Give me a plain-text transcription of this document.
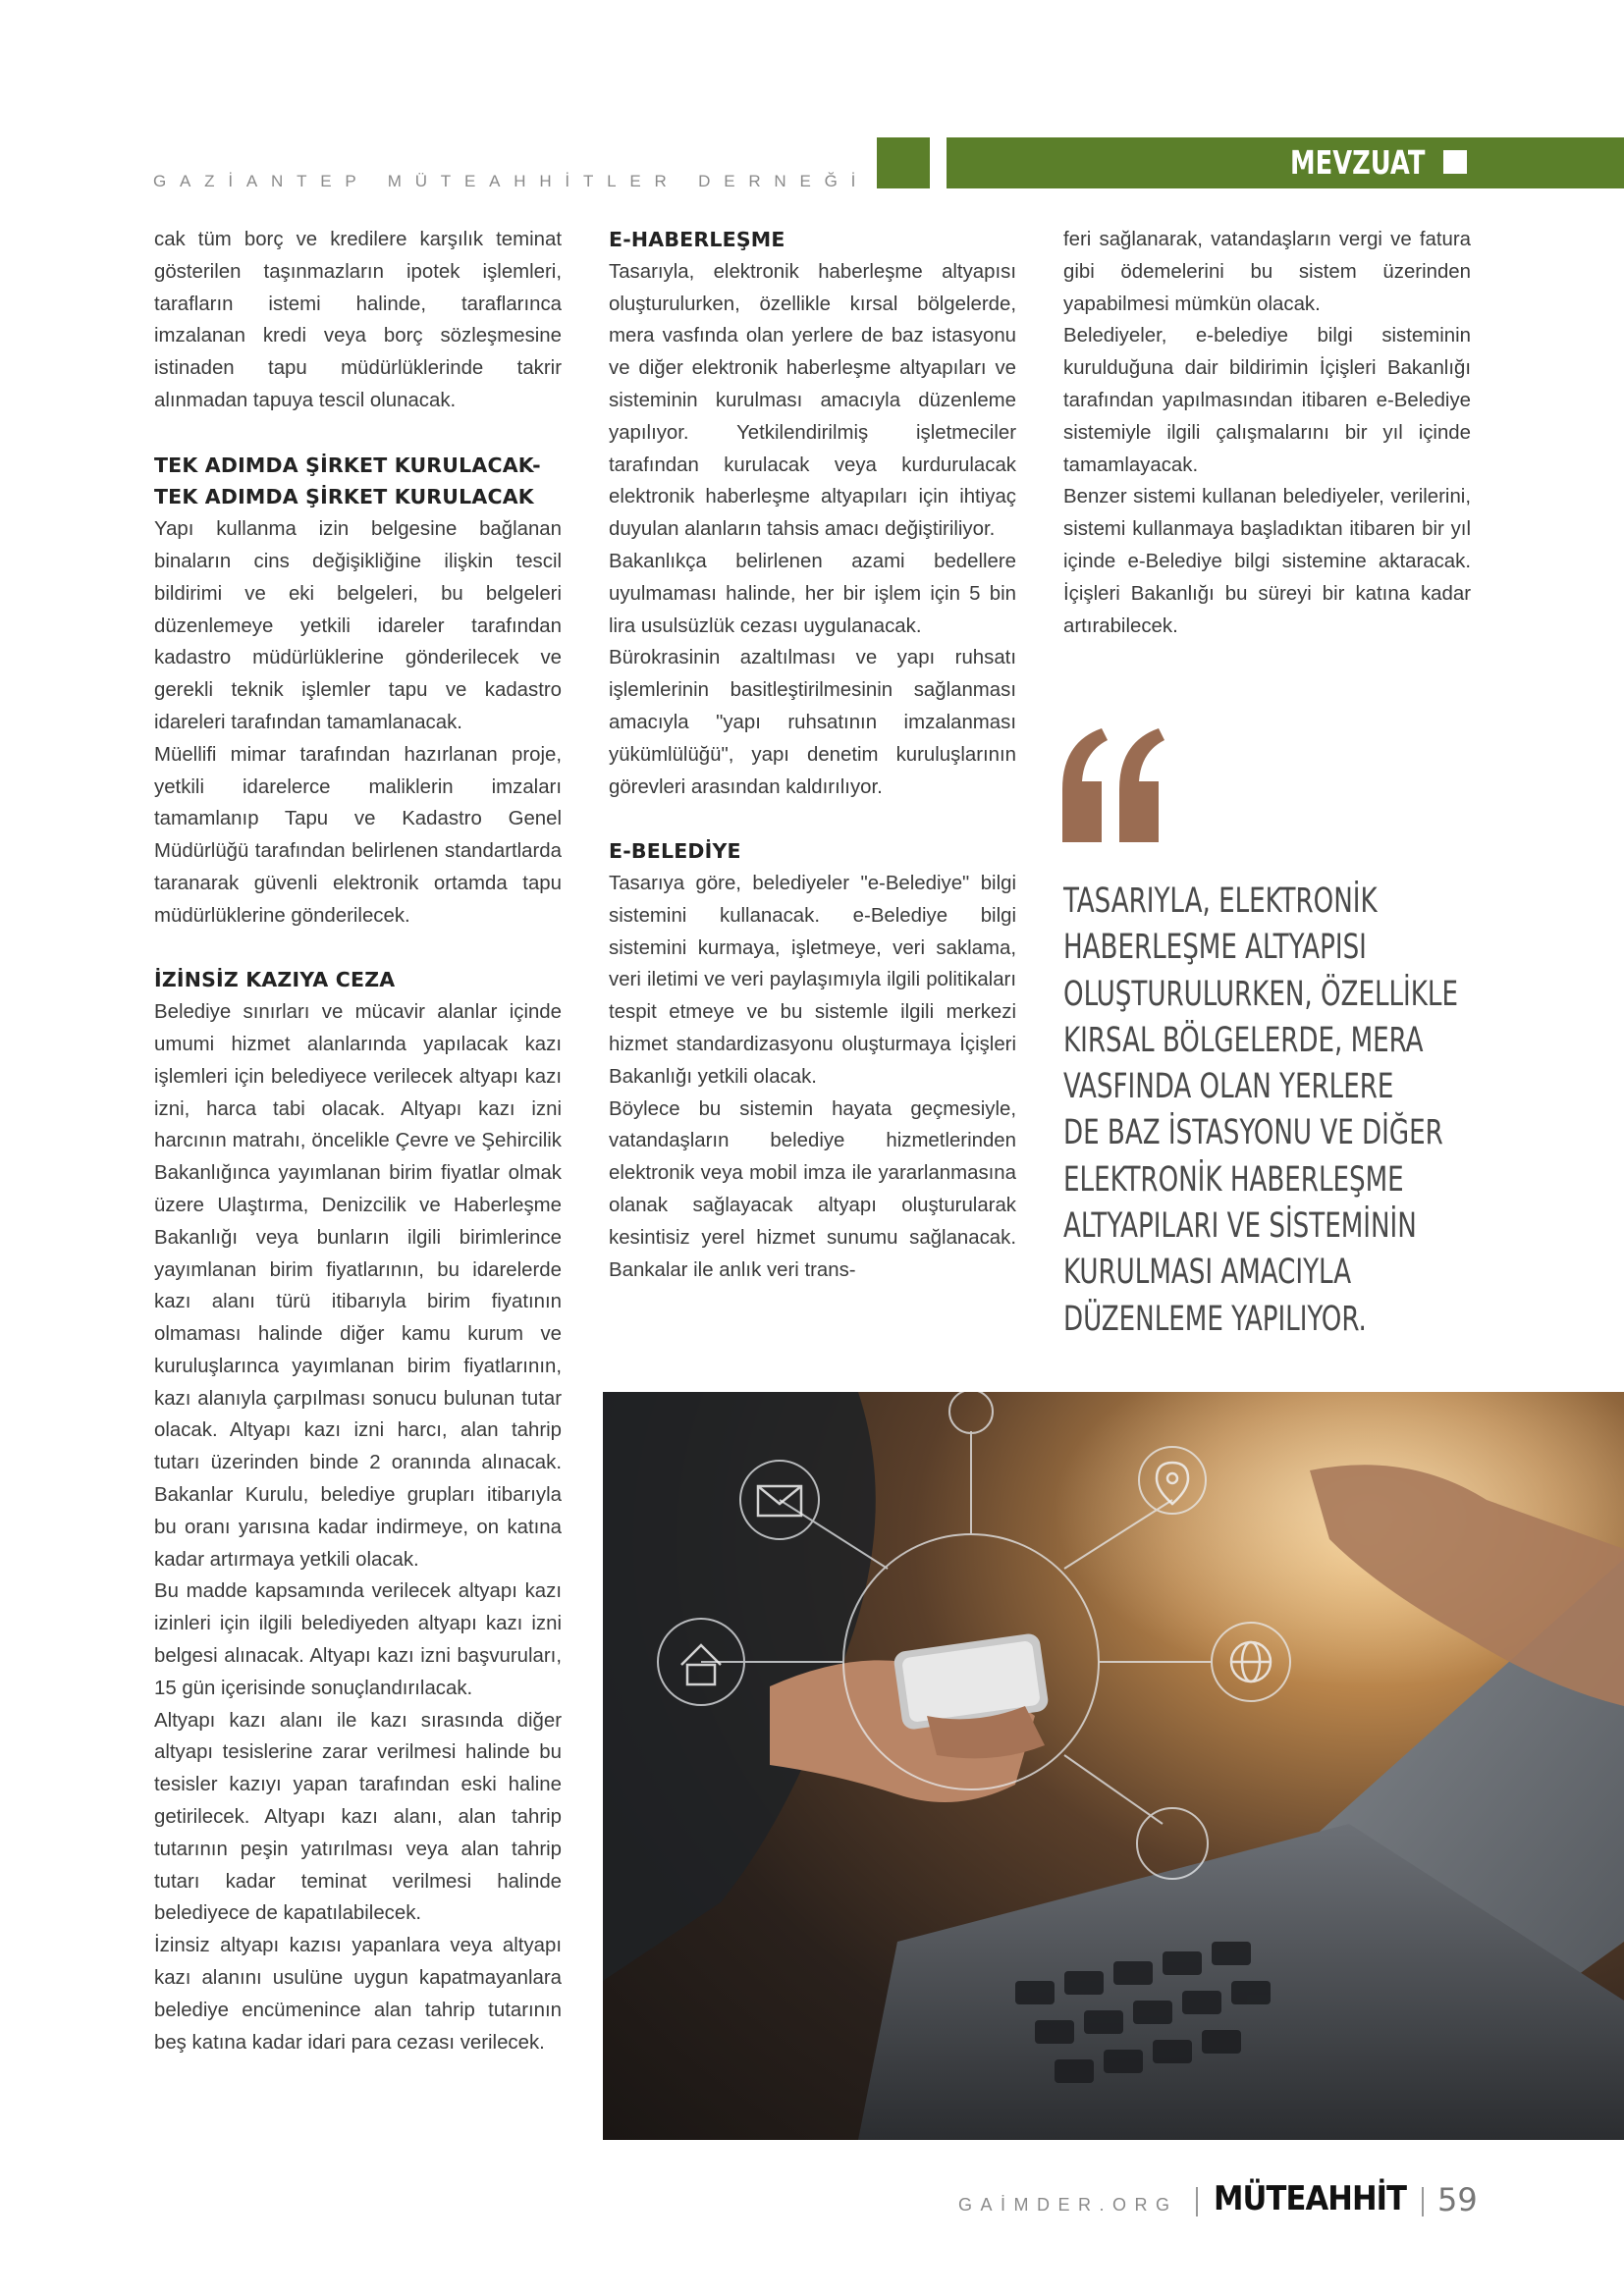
GAZİANTEP MÜTEAHHİTLER DERNEĞİ	MEVZUAT

cak tüm borç ve kredilere karşılık teminat gösterilen taşınmazların ipotek işlemleri, tarafların istemi halinde, taraflarınca imzalanan kredi veya borç sözleşmesine istinaden tapu müdürlüklerinde takrir alınmadan tapuya tescil olunacak.

TEK ADIMDA ŞİRKET KURULACAK-
TEK ADIMDA ŞİRKET KURULACAK

Yapı kullanma izin belgesine bağlanan binaların cins değişikliğine ilişkin tescil bildirimi ve eki belgeleri, bu belgeleri düzenlemeye yetkili idareler tarafından kadastro müdürlüklerine gönderilecek ve gerekli teknik işlemler tapu ve kadastro idareleri tarafından tamamlanacak.

Müellifi mimar tarafından hazırlanan proje, yetkili idarelerce maliklerin imzaları tamamlanıp Tapu ve Kadastro Genel Müdürlüğü tarafından belirlenen standartlarda taranarak güvenli elektronik ortamda tapu müdürlüklerine gönderilecek.

İZİNSİZ KAZIYA CEZA

Belediye sınırları ve mücavir alanlar içinde umumi hizmet alanlarında yapılacak kazı işlemleri için belediyece verilecek altyapı kazı izni, harca tabi olacak. Altyapı kazı izni harcının matrahı, öncelikle Çevre ve Şehircilik Bakanlığınca yayımlanan birim fiyatlar olmak üzere Ulaştırma, Denizcilik ve Haberleşme Bakanlığı veya bunların ilgili birimlerince yayımlanan birim fiyatlarının, bu idarelerde kazı alanı türü itibarıyla birim fiyatının olmaması halinde diğer kamu kurum ve kuruluşlarınca yayımlanan birim fiyatlarının, kazı alanıyla çarpılması sonucu bulunan tutar olacak. Altyapı kazı izni harcı, alan tahrip tutarı üzerinden binde 2 oranında alınacak. Bakanlar Kurulu, belediye grupları itibarıyla bu oranı yarısına kadar indirmeye, on katına kadar artırmaya yetkili olacak.

Bu madde kapsamında verilecek altyapı kazı izinleri için ilgili belediyeden altyapı kazı izni belgesi alınacak. Altyapı kazı izni başvuruları, 15 gün içerisinde sonuçlandırılacak.

Altyapı kazı alanı ile kazı sırasında diğer altyapı tesislerine zarar verilmesi halinde bu tesisler kazıyı yapan tarafından eski haline getirilecek. Altyapı kazı alanı, alan tahrip tutarının peşin yatırılması veya alan tahrip tutarı kadar teminat verilmesi halinde belediyece de kapatılabilecek.

İzinsiz altyapı kazısı yapanlara veya altyapı kazı alanını usulüne uygun kapatmayanlara belediye encümenince alan tahrip tutarının beş katına kadar idari para cezası verilecek.

E-HABERLEŞME

Tasarıyla, elektronik haberleşme altyapısı oluşturulurken, özellikle kırsal bölgelerde, mera vasfında olan yerlere de baz istasyonu ve diğer elektronik haberleşme altyapıları ve sisteminin kurulması amacıyla düzenleme yapılıyor. Yetkilendirilmiş işletmeciler tarafından kurulacak veya kurdurulacak elektronik haberleşme altyapıları için ihtiyaç duyulan alanların tahsis amacı değiştiriliyor.

Bakanlıkça belirlenen azami bedellere uyulmaması halinde, her bir işlem için 5 bin lira usulsüzlük cezası uygulanacak.

Bürokrasinin azaltılması ve yapı ruhsatı işlemlerinin basitleştirilmesinin sağlanması amacıyla "yapı ruhsatının imzalanması yükümlülüğü", yapı denetim kuruluşlarının görevleri arasından kaldırılıyor.

E-BELEDİYE

Tasarıya göre, belediyeler "e-Belediye" bilgi sistemini kullanacak. e-Belediye bilgi sistemini kurmaya, işletmeye, veri saklama, veri iletimi ve veri paylaşımıyla ilgili politikaları tespit etmeye ve bu sistemle ilgili merkezi hizmet standardizasyonu oluşturmaya İçişleri Bakanlığı yetkili olacak.

Böylece bu sistemin hayata geçmesiyle, vatandaşların belediye hizmetlerinden elektronik veya mobil imza ile yararlanmasına olanak sağlayacak altyapı oluşturularak kesintisiz yerel hizmet sunumu sağlanacak. Bankalar ile anlık veri trans-

feri sağlanarak, vatandaşların vergi ve fatura gibi ödemelerini bu sistem üzerinden yapabilmesi mümkün olacak.

Belediyeler, e-belediye bilgi sisteminin kurulduğuna dair bildirimin İçişleri Bakanlığı tarafından yapılmasından itibaren e-Belediye sistemiyle ilgili çalışmalarını bir yıl içinde tamamlayacak.

Benzer sistemi kullanan belediyeler, verilerini, sistemi kullanmaya başladıktan itibaren bir yıl içinde e-Belediye bilgi sistemine aktaracak. İçişleri Bakanlığı bu süreyi bir katına kadar artırabilecek.

TASARIYLA, ELEKTRONİK
HABERLEŞME ALTYAPISI
OLUŞTURULURKEN, ÖZELLİKLE
KIRSAL BÖLGELERDE, MERA
VASFINDA OLAN YERLERE
DE BAZ İSTASYONU VE DİĞER
ELEKTRONİK HABERLEŞME
ALTYAPILARI VE SİSTEMİNİN
KURULMASI AMACIYLA
DÜZENLEME YAPILIYOR.
GAİMDER.ORG MÜTEAHHİT 59
